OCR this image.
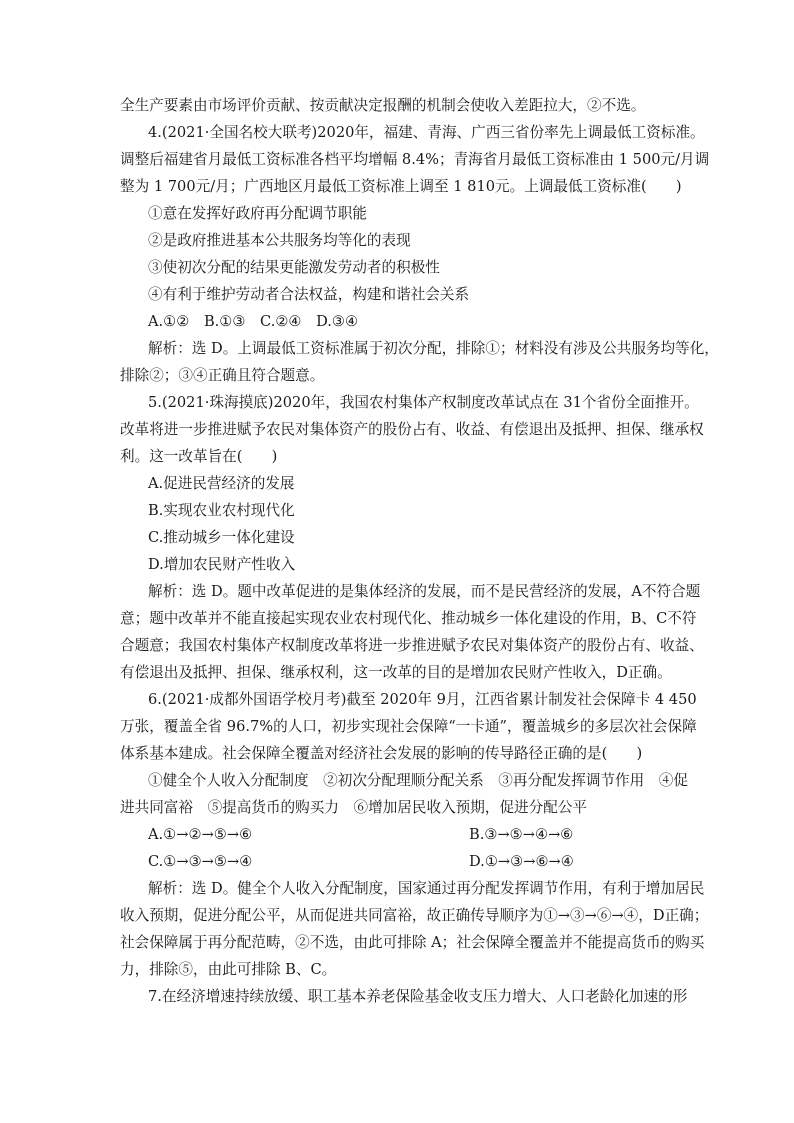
全生产要素由市场评价贡献、按贡献决定报酬的机制会使收入差距拉大，②不选。
4.(2021·全国名校大联考)2020年，福建、青海、广西三省份率先上调最低工资标准。
调整后福建省月最低工资标准各档平均增幅 8.4%；青海省月最低工资标准由 1 500元/月调
整为 1 700元/月；广西地区月最低工资标准上调至 1 810元。上调最低工资标准(　　)
①意在发挥好政府再分配调节职能
②是政府推进基本公共服务均等化的表现
③使初次分配的结果更能激发劳动者的积极性
④有利于维护劳动者合法权益，构建和谐社会关系
A.①②　B.①③　C.②④　D.③④
解析：选 D。上调最低工资标准属于初次分配，排除①；材料没有涉及公共服务均等化，
排除②；③④正确且符合题意。
5.(2021·珠海摸底)2020年，我国农村集体产权制度改革试点在 31个省份全面推开。
改革将进一步推进赋予农民对集体资产的股份占有、收益、有偿退出及抵押、担保、继承权
利。这一改革旨在(　　)
A.促进民营经济的发展
B.实现农业农村现代化
C.推动城乡一体化建设
D.增加农民财产性收入
解析：选 D。题中改革促进的是集体经济的发展，而不是民营经济的发展，A不符合题
意；题中改革并不能直接起实现农业农村现代化、推动城乡一体化建设的作用，B、C不符
合题意；我国农村集体产权制度改革将进一步推进赋予农民对集体资产的股份占有、收益、
有偿退出及抵押、担保、继承权利，这一改革的目的是增加农民财产性收入，D正确。
6.(2021·成都外国语学校月考)截至 2020年 9月，江西省累计制发社会保障卡 4 450
万张，覆盖全省 96.7%的人口，初步实现社会保障“一卡通”，覆盖城乡的多层次社会保障
体系基本建成。社会保障全覆盖对经济社会发展的影响的传导路径正确的是(　　)
①健全个人收入分配制度　②初次分配理顺分配关系　③再分配发挥调节作用　④促
进共同富裕　⑤提高货币的购买力　⑥增加居民收入预期，促进分配公平
A.①→②→⑤→⑥	B.③→⑤→④→⑥
C.①→③→⑤→④	D.①→③→⑥→④
解析：选 D。健全个人收入分配制度，国家通过再分配发挥调节作用，有利于增加居民
收入预期，促进分配公平，从而促进共同富裕，故正确传导顺序为①→③→⑥→④，D正确；
社会保障属于再分配范畴，②不选，由此可排除 A；社会保障全覆盖并不能提高货币的购买
力，排除⑤，由此可排除 B、C。
7.在经济增速持续放缓、职工基本养老保险基金收支压力增大、人口老龄化加速的形
